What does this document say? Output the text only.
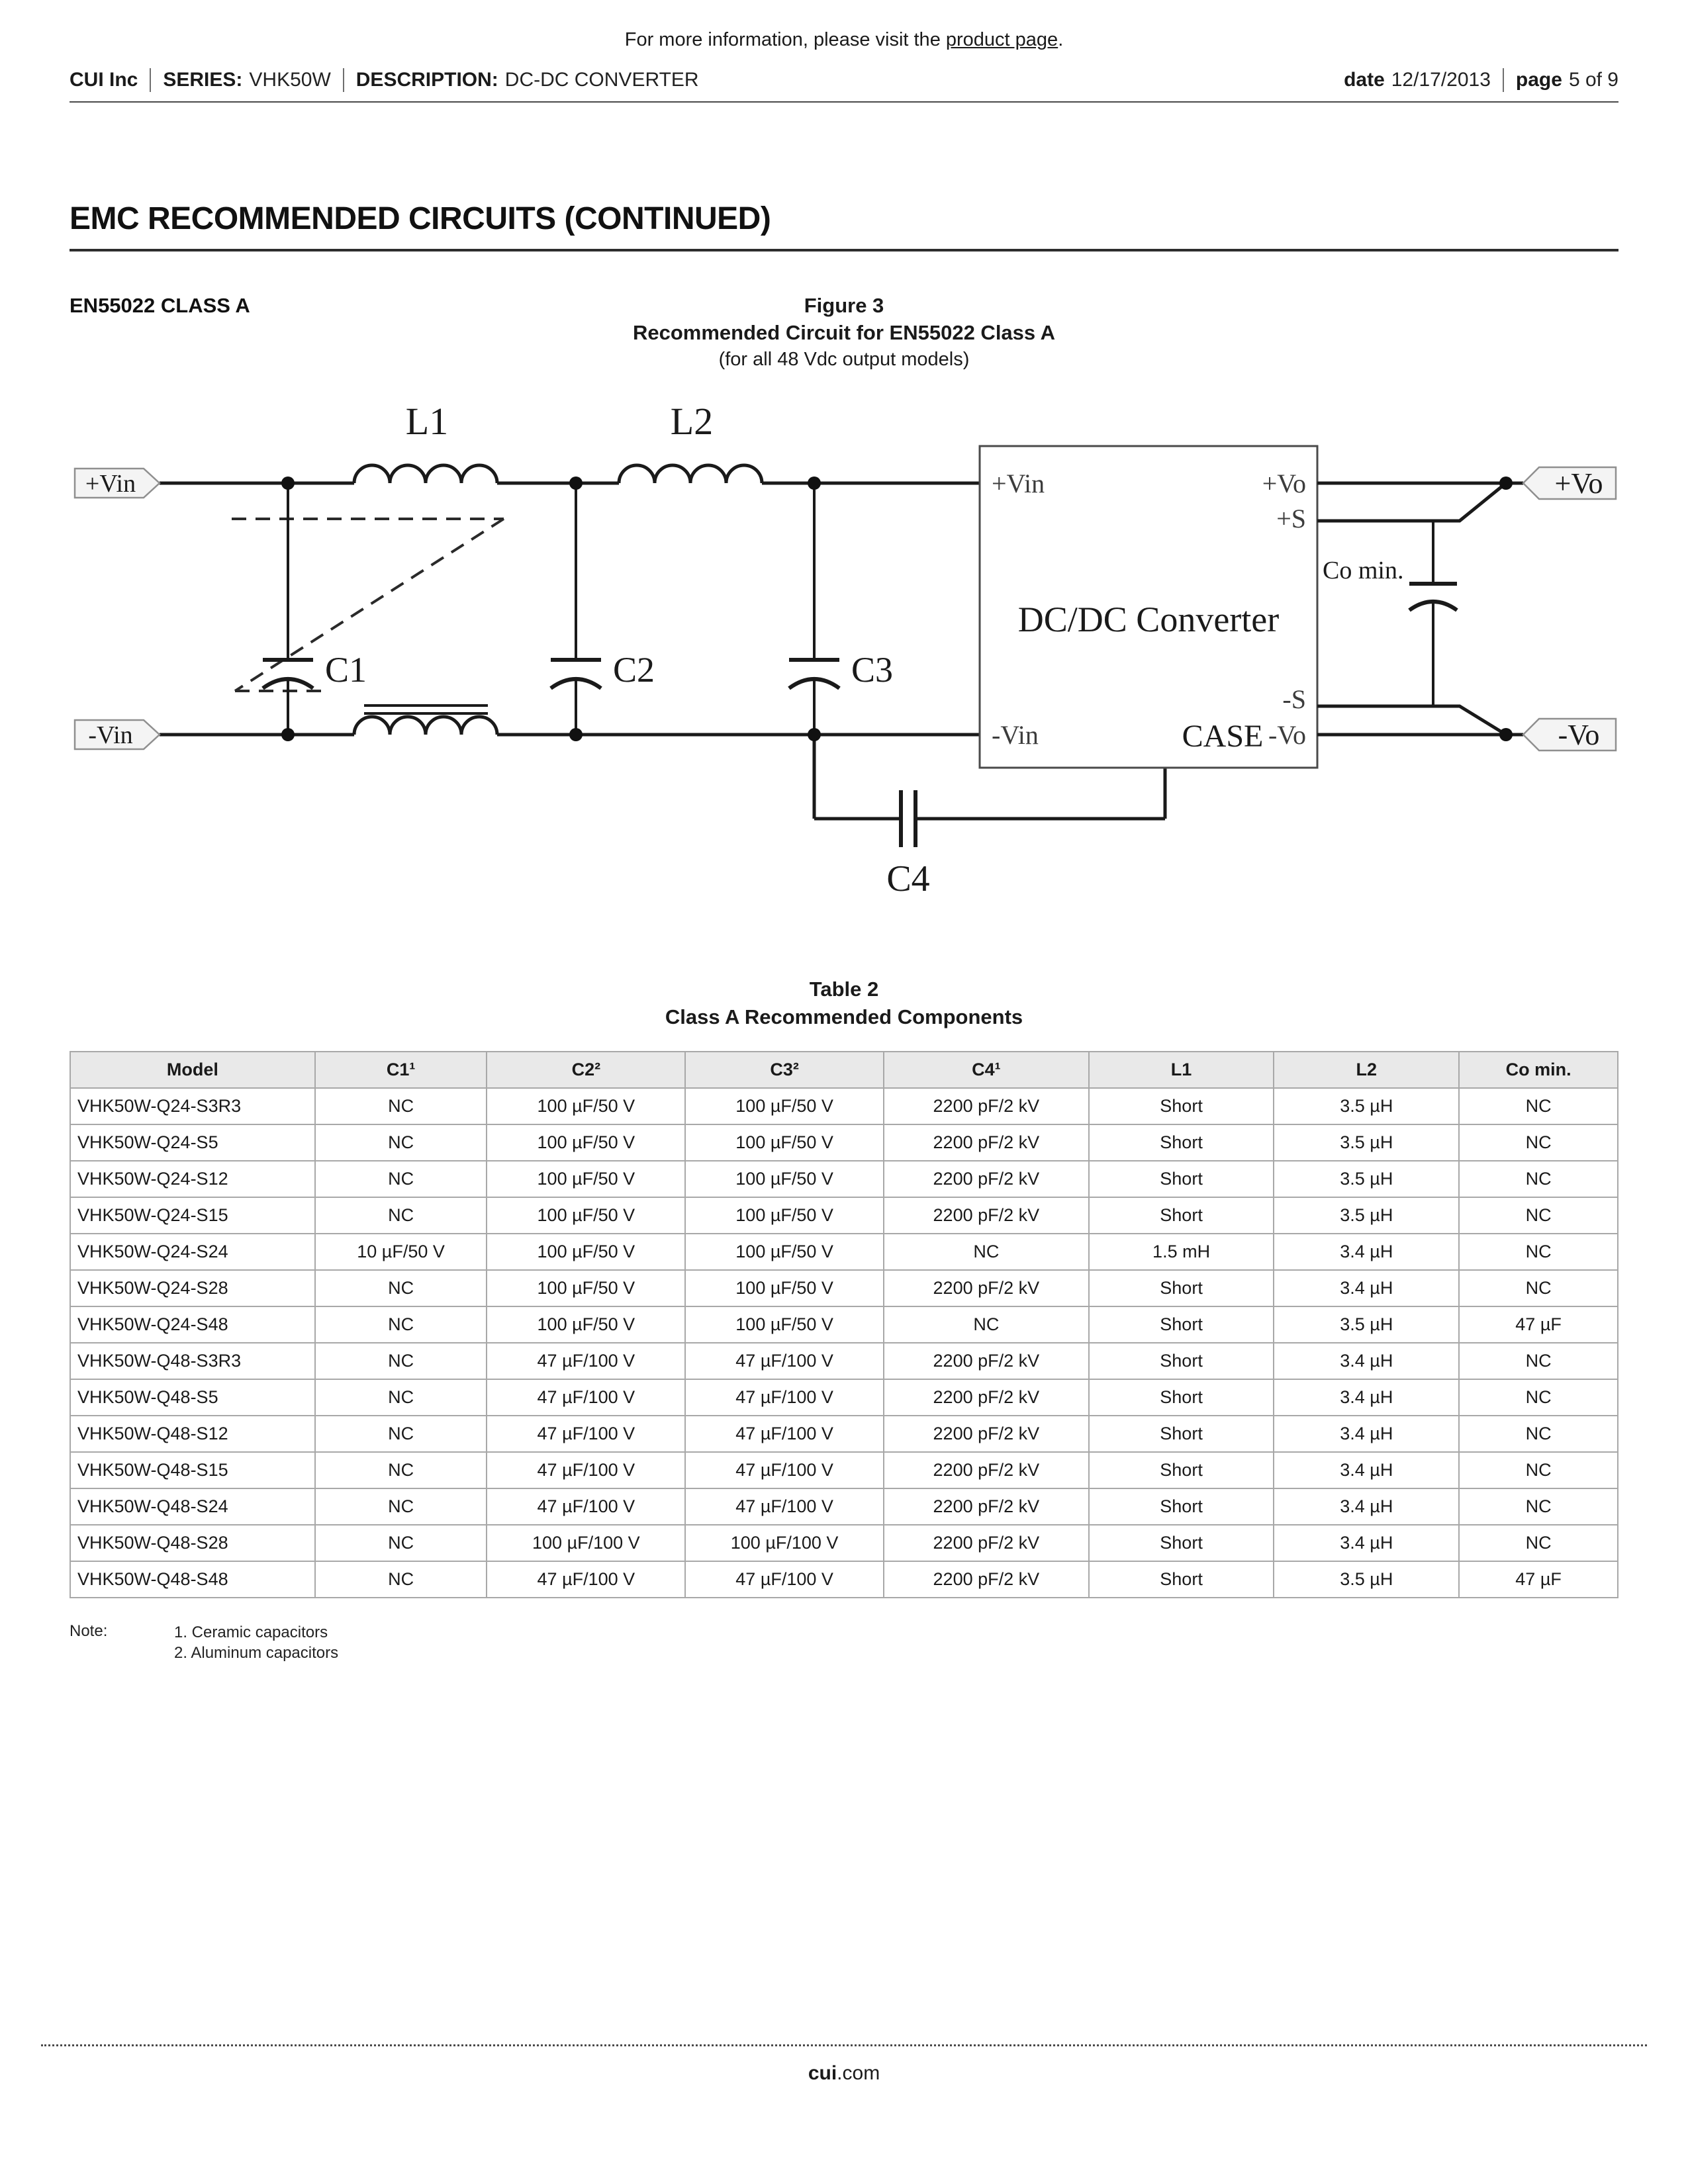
For more information, please visit the product page.
CUI Inc SERIES: VHK50W DESCRIPTION: DC-DC CONVERTER	date 12/17/2013 page 5 of 9
EMC RECOMMENDED CIRCUITS (CONTINUED)
EN55022 CLASS A	Figure 3
Recommended Circuit for EN55022 Class A
(for all 48 Vdc output models)
+Vin
-Vin
+Vo
+S
-S
-Vo
DC/DC Converter
CASE
+Vin
-Vin
+Vo
-Vo
L1	L2
C1	C2	C3
C4
Co min.
Table 2
Class A Recommended Components
Model	C1¹	C2²	C3²	C4¹	L1	L2	Co min.
VHK50W-Q24-S3R3	NC	100 µF/50 V	100 µF/50 V	2200 pF/2 kV	Short	3.5 µH	NC
VHK50W-Q24-S5	NC	100 µF/50 V	100 µF/50 V	2200 pF/2 kV	Short	3.5 µH	NC
VHK50W-Q24-S12	NC	100 µF/50 V	100 µF/50 V	2200 pF/2 kV	Short	3.5 µH	NC
VHK50W-Q24-S15	NC	100 µF/50 V	100 µF/50 V	2200 pF/2 kV	Short	3.5 µH	NC
VHK50W-Q24-S24	10 µF/50 V	100 µF/50 V	100 µF/50 V	NC	1.5 mH	3.4 µH	NC
VHK50W-Q24-S28	NC	100 µF/50 V	100 µF/50 V	2200 pF/2 kV	Short	3.4 µH	NC
VHK50W-Q24-S48	NC	100 µF/50 V	100 µF/50 V	NC	Short	3.5 µH	47 µF
VHK50W-Q48-S3R3	NC	47 µF/100 V	47 µF/100 V	2200 pF/2 kV	Short	3.4 µH	NC
VHK50W-Q48-S5	NC	47 µF/100 V	47 µF/100 V	2200 pF/2 kV	Short	3.4 µH	NC
VHK50W-Q48-S12	NC	47 µF/100 V	47 µF/100 V	2200 pF/2 kV	Short	3.4 µH	NC
VHK50W-Q48-S15	NC	47 µF/100 V	47 µF/100 V	2200 pF/2 kV	Short	3.4 µH	NC
VHK50W-Q48-S24	NC	47 µF/100 V	47 µF/100 V	2200 pF/2 kV	Short	3.4 µH	NC
VHK50W-Q48-S28	NC	100 µF/100 V	100 µF/100 V	2200 pF/2 kV	Short	3.4 µH	NC
VHK50W-Q48-S48	NC	47 µF/100 V	47 µF/100 V	2200 pF/2 kV	Short	3.5 µH	47 µF
Note:	1. Ceramic capacitors
2. Aluminum capacitors
cui.com
